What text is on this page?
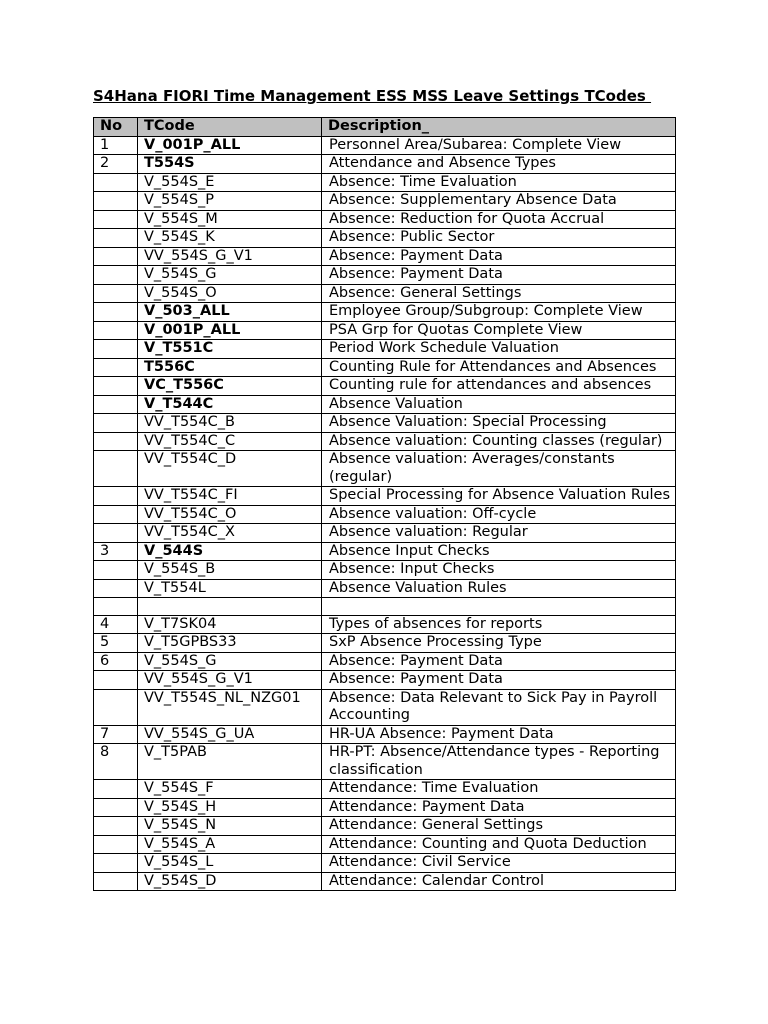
S4Hana FIORI Time Management ESS MSS Leave Settings TCodes
No	TCode	Description_
1	V_001P_ALL	Personnel Area/Subarea: Complete View
2	T554S	Attendance and Absence Types
	V_554S_E	Absence: Time Evaluation
	V_554S_P	Absence: Supplementary Absence Data
	V_554S_M	Absence: Reduction for Quota Accrual
	V_554S_K	Absence: Public Sector
	VV_554S_G_V1	Absence: Payment Data
	V_554S_G	Absence: Payment Data
	V_554S_O	Absence: General Settings
	V_503_ALL	Employee Group/Subgroup: Complete View
	V_001P_ALL	PSA Grp for Quotas Complete View
	V_T551C	Period Work Schedule Valuation
	T556C	Counting Rule for Attendances and Absences
	VC_T556C	Counting rule for attendances and absences
	V_T544C	Absence Valuation
	VV_T554C_B	Absence Valuation: Special Processing
	VV_T554C_C	Absence valuation: Counting classes (regular)
	VV_T554C_D	Absence valuation: Averages/constants (regular)
	VV_T554C_FI	Special Processing for Absence Valuation Rules
	VV_T554C_O	Absence valuation: Off-cycle
	VV_T554C_X	Absence valuation: Regular
3	V_544S	Absence Input Checks
	V_554S_B	Absence: Input Checks
	V_T554L	Absence Valuation Rules

4	V_T7SK04	Types of absences for reports
5	V_T5GPBS33	SxP Absence Processing Type
6	V_554S_G	Absence: Payment Data
	VV_554S_G_V1	Absence: Payment Data
	VV_T554S_NL_NZG01	Absence: Data Relevant to Sick Pay in Payroll Accounting
7	VV_554S_G_UA	HR-UA Absence: Payment Data
8	V_T5PAB	HR-PT: Absence/Attendance types - Reporting classification
	V_554S_F	Attendance: Time Evaluation
	V_554S_H	Attendance: Payment Data
	V_554S_N	Attendance: General Settings
	V_554S_A	Attendance: Counting and Quota Deduction
	V_554S_L	Attendance: Civil Service
	V_554S_D	Attendance: Calendar Control
